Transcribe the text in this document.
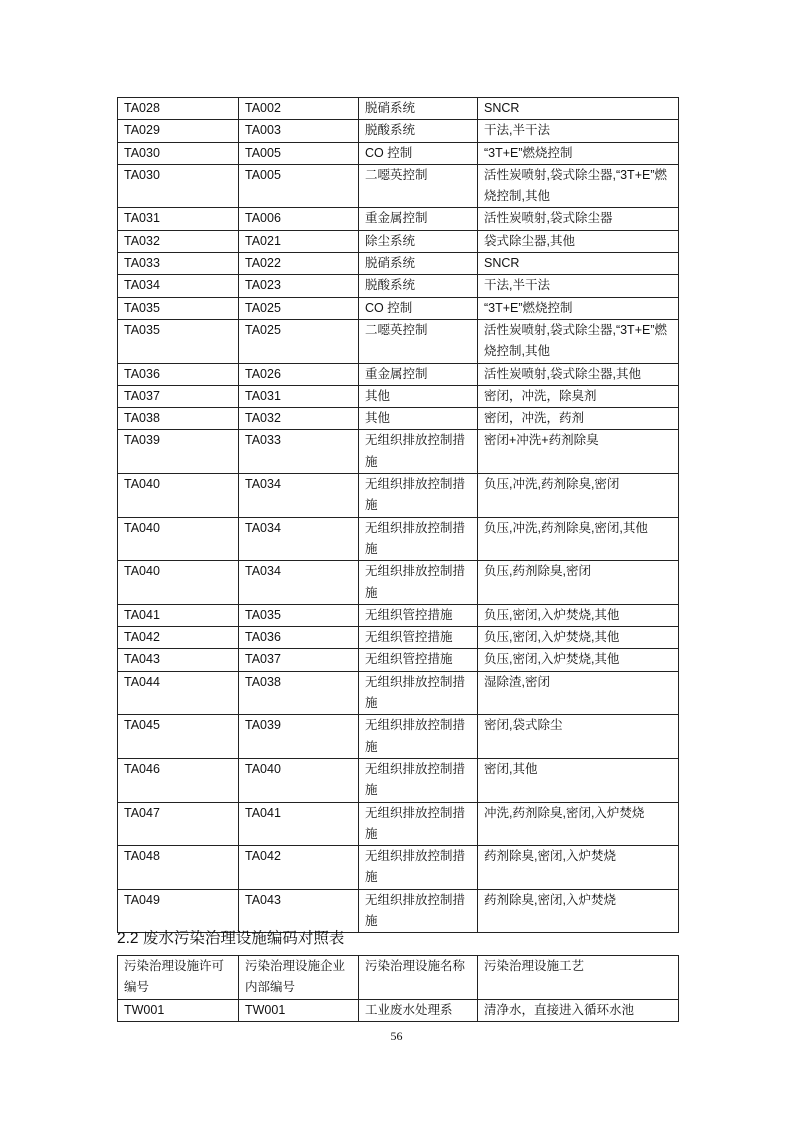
TA028	TA002	脱硝系统	SNCR
TA029	TA003	脱酸系统	干法,半干法
TA030	TA005	CO 控制	“3T+E”燃烧控制
TA030	TA005	二噁英控制	活性炭喷射,袋式除尘器,“3T+E”燃烧控制,其他
TA031	TA006	重金属控制	活性炭喷射,袋式除尘器
TA032	TA021	除尘系统	袋式除尘器,其他
TA033	TA022	脱硝系统	SNCR
TA034	TA023	脱酸系统	干法,半干法
TA035	TA025	CO 控制	“3T+E”燃烧控制
TA035	TA025	二噁英控制	活性炭喷射,袋式除尘器,“3T+E”燃烧控制,其他
TA036	TA026	重金属控制	活性炭喷射,袋式除尘器,其他
TA037	TA031	其他	密闭，冲洗，除臭剂
TA038	TA032	其他	密闭，冲洗，药剂
TA039	TA033	无组织排放控制措施	密闭+冲洗+药剂除臭
TA040	TA034	无组织排放控制措施	负压,冲洗,药剂除臭,密闭
TA040	TA034	无组织排放控制措施	负压,冲洗,药剂除臭,密闭,其他
TA040	TA034	无组织排放控制措施	负压,药剂除臭,密闭
TA041	TA035	无组织管控措施	负压,密闭,入炉焚烧,其他
TA042	TA036	无组织管控措施	负压,密闭,入炉焚烧,其他
TA043	TA037	无组织管控措施	负压,密闭,入炉焚烧,其他
TA044	TA038	无组织排放控制措施	湿除渣,密闭
TA045	TA039	无组织排放控制措施	密闭,袋式除尘
TA046	TA040	无组织排放控制措施	密闭,其他
TA047	TA041	无组织排放控制措施	冲洗,药剂除臭,密闭,入炉焚烧
TA048	TA042	无组织排放控制措施	药剂除臭,密闭,入炉焚烧
TA049	TA043	无组织排放控制措施	药剂除臭,密闭,入炉焚烧
2.2 废水污染治理设施编码对照表
污染治理设施许可编号	污染治理设施企业内部编号	污染治理设施名称	污染治理设施工艺
TW001	TW001	工业废水处理系	清净水，直接进入循环水池
56
